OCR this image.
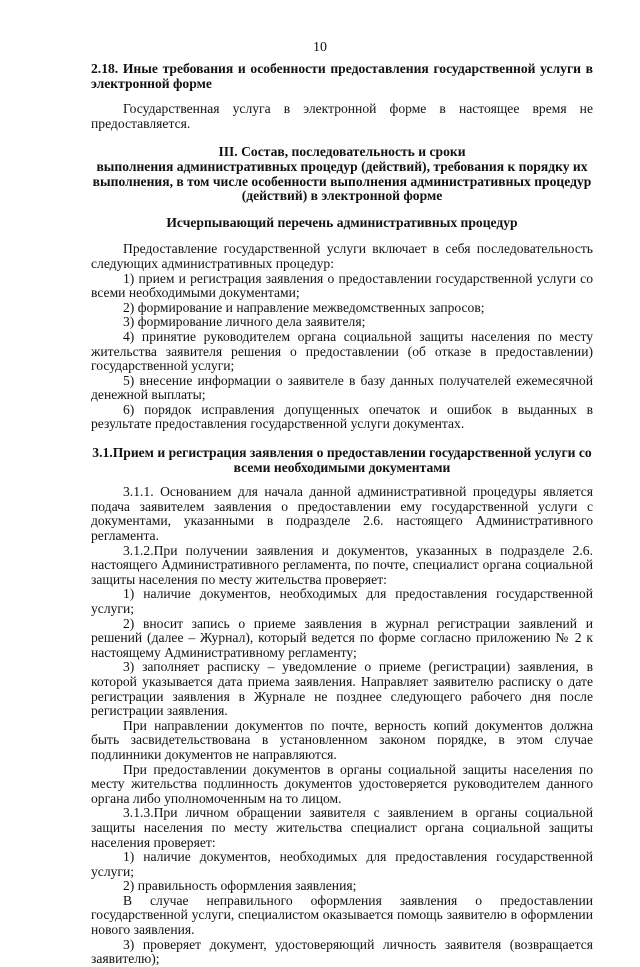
10

2.18. Иные требования и особенности предоставления государственной услуги в электронной форме

Государственная услуга в электронной форме в настоящее время не предоставляется.

III. Состав, последовательность и сроки

выполнения административных процедур (действий), требования к порядку их выполнения, в том числе особенности выполнения административных процедур (действий) в электронной форме

Исчерпывающий перечень административных процедур

Предоставление государственной услуги включает в себя последовательность следующих административных процедур:

1) прием и регистрация заявления о предоставлении государственной услуги со всеми необходимыми документами;

2) формирование и направление межведомственных запросов;

3) формирование личного дела заявителя;

4) принятие руководителем органа социальной защиты населения по месту жительства заявителя решения о предоставлении (об отказе в предоставлении) государственной услуги;

5) внесение информации о заявителе в базу данных получателей ежемесячной денежной выплаты;

6) порядок исправления допущенных опечаток и ошибок в выданных в результате предоставления государственной услуги документах.

3.1.Прием и регистрация заявления о предоставлении государственной услуги со всеми необходимыми документами

3.1.1. Основанием для начала данной административной процедуры является подача заявителем заявления о предоставлении ему государственной услуги с документами, указанными в подразделе 2.6. настоящего Административного регламента.

3.1.2.При получении заявления и документов, указанных в подразделе 2.6. настоящего Административного регламента, по почте, специалист органа социальной защиты населения по месту жительства проверяет:

1) наличие документов, необходимых для предоставления государственной услуги;

2) вносит запись о приеме заявления в журнал регистрации заявлений и решений (далее – Журнал), который ведется по форме согласно приложению № 2 к настоящему Административному регламенту;

3) заполняет расписку – уведомление о приеме (регистрации) заявления, в которой указывается дата приема заявления. Направляет заявителю расписку о дате регистрации заявления в Журнале не позднее следующего рабочего дня после регистрации заявления.

При направлении документов по почте, верность копий документов должна быть засвидетельствована в установленном законом порядке, в этом случае подлинники документов не направляются.

При предоставлении документов в органы социальной защиты населения по месту жительства подлинность документов удостоверяется руководителем данного органа либо уполномоченным на то лицом.

3.1.3.При личном обращении заявителя с заявлением в органы социальной защиты населения по месту жительства специалист органа социальной защиты населения проверяет:

1) наличие документов, необходимых для предоставления государственной услуги;

2) правильность оформления заявления;

В случае неправильного оформления заявления о предоставлении государственной услуги, специалистом оказывается помощь заявителю в оформлении нового заявления.

3) проверяет документ, удостоверяющий личность заявителя (возвращается заявителю);
